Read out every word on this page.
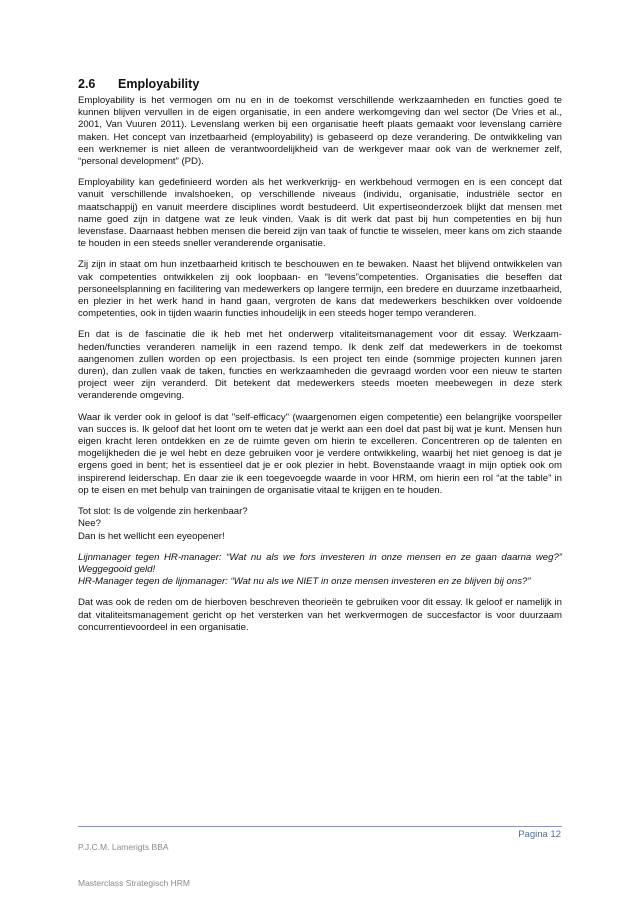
2.6	Employability

Employability is het vermogen om nu en in de toekomst verschillende werkzaamheden en functies goed te kunnen blijven vervullen in de eigen organisatie, in een andere werkomgeving dan wel sector (De Vries et al., 2001, Van Vuuren 2011). Levenslang werken bij een organisatie heeft plaats gemaakt voor levenslang carrière maken. Het concept van inzetbaarheid (employability) is gebaseerd op deze verandering. De ontwikkeling van een werknemer is niet alleen de verantwoordelijkheid van de werkgever maar ook van de werknemer zelf, “personal development” (PD).

Employability kan gedefinieerd worden als het werkverkrijg- en werkbehoud vermogen en is een concept dat vanuit verschillende invalshoeken, op verschillende niveaus (individu, organisatie, industriële sector en maatschappij) en vanuit meerdere disciplines wordt bestudeerd. Uit expertiseonderzoek blijkt dat mensen met name goed zijn in datgene wat ze leuk vinden. Vaak is dit werk dat past bij hun competenties en bij hun levensfase. Daarnaast hebben mensen die bereid zijn van taak of functie te wisselen, meer kans om zich staande te houden in een steeds sneller veranderende organisatie.

Zij zijn in staat om hun inzetbaarheid kritisch te beschouwen en te bewaken. Naast het blijvend ontwikkelen van vak competenties ontwikkelen zij ook loopbaan- en “levens”competenties. Organisaties die beseffen dat personeelsplanning en facilitering van medewerkers op langere termijn, een bredere en duurzame inzetbaarheid, en plezier in het werk hand in hand gaan, vergroten de kans dat medewerkers beschikken over voldoende competenties, ook in tijden waarin functies inhoudelijk in een steeds hoger tempo veranderen.

En dat is de fascinatie die ik heb met het onderwerp vitaliteitsmanagement voor dit essay. Werkzaamheden/functies veranderen namelijk in een razend tempo. Ik denk zelf dat medewerkers in de toekomst aangenomen zullen worden op een projectbasis. Is een project ten einde (sommige projecten kunnen jaren duren), dan zullen vaak de taken, functies en werkzaamheden die gevraagd worden voor een nieuw te starten project weer zijn veranderd. Dit betekent dat medewerkers steeds moeten meebewegen in deze sterk veranderende omgeving.

Waar ik verder ook in geloof is dat "self-efficacy" (waargenomen eigen competentie) een belangrijke voorspeller van succes is. Ik geloof dat het loont om te weten dat je werkt aan een doel dat past bij wat je kunt. Mensen hun eigen kracht leren ontdekken en ze de ruimte geven om hierin te excelleren. Concentreren op de talenten en mogelijkheden die je wel hebt en deze gebruiken voor je verdere ontwikkeling, waarbij het niet genoeg is dat je ergens goed in bent; het is essentieel dat je er ook plezier in hebt. Bovenstaande vraagt in mijn optiek ook om inspirerend leiderschap. En daar zie ik een toegevoegde waarde in voor HRM, om hierin een rol “at the table” in op te eisen en met behulp van trainingen de organisatie vitaal te krijgen en te houden.

Tot slot: Is de volgende zin herkenbaar?
Nee?
Dan is het wellicht een eyeopener!

Lijnmanager tegen HR-manager: “Wat nu als we fors investeren in onze mensen en ze gaan daarna weg?” Weggegooid geld!

HR-Manager tegen de lijnmanager: “Wat nu als we NIET in onze mensen investeren en ze blijven bij ons?”

Dat was ook de reden om de hierboven beschreven theorieën te gebruiken voor dit essay. Ik geloof er namelijk in dat vitaliteitsmanagement gericht op het versterken van het werkvermogen de succesfactor is voor duurzaam concurrentievoordeel in een organisatie.

Pagina 12
P.J.C.M. Lamerigts BBA
Masterclass Strategisch HRM
